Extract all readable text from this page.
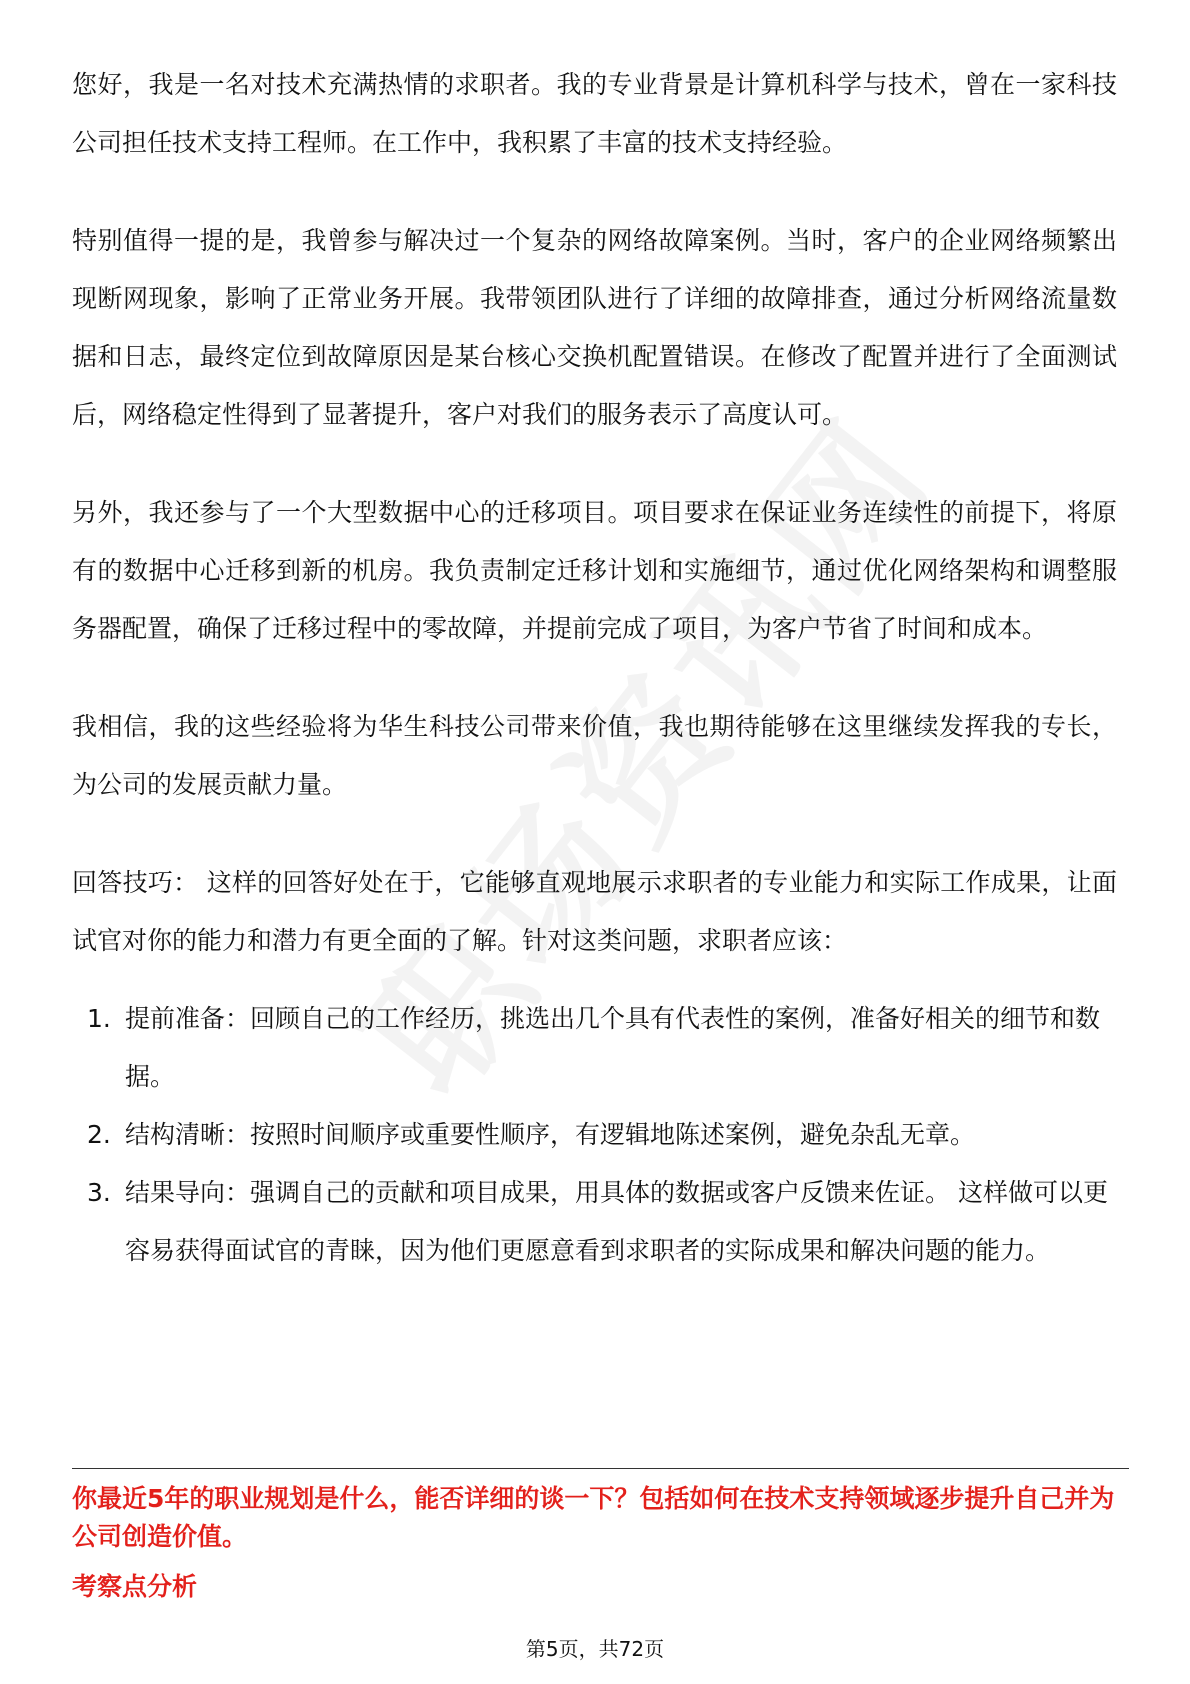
您好，我是一名对技术充满热情的求职者。我的专业背景是计算机科学与技术，曾在一家科技公司担任技术支持工程师。在工作中，我积累了丰富的技术支持经验。

特别值得一提的是，我曾参与解决过一个复杂的网络故障案例。当时，客户的企业网络频繁出现断网现象，影响了正常业务开展。我带领团队进行了详细的故障排查，通过分析网络流量数据和日志，最终定位到故障原因是某台核心交换机配置错误。在修改了配置并进行了全面测试后，网络稳定性得到了显著提升，客户对我们的服务表示了高度认可。

另外，我还参与了一个大型数据中心的迁移项目。项目要求在保证业务连续性的前提下，将原有的数据中心迁移到新的机房。我负责制定迁移计划和实施细节，通过优化网络架构和调整服务器配置，确保了迁移过程中的零故障，并提前完成了项目，为客户节省了时间和成本。

我相信，我的这些经验将为华生科技公司带来价值，我也期待能够在这里继续发挥我的专长，为公司的发展贡献力量。

回答技巧： 这样的回答好处在于，它能够直观地展示求职者的专业能力和实际工作成果，让面试官对你的能力和潜力有更全面的了解。针对这类问题，求职者应该：

1. 提前准备：回顾自己的工作经历，挑选出几个具有代表性的案例，准备好相关的细节和数据。
2. 结构清晰：按照时间顺序或重要性顺序，有逻辑地陈述案例，避免杂乱无章。
3. 结果导向：强调自己的贡献和项目成果，用具体的数据或客户反馈来佐证。 这样做可以更容易获得面试官的青睐，因为他们更愿意看到求职者的实际成果和解决问题的能力。

你最近5年的职业规划是什么，能否详细的谈一下？包括如何在技术支持领域逐步提升自己并为公司创造价值。

考察点分析

第5页，共72页
